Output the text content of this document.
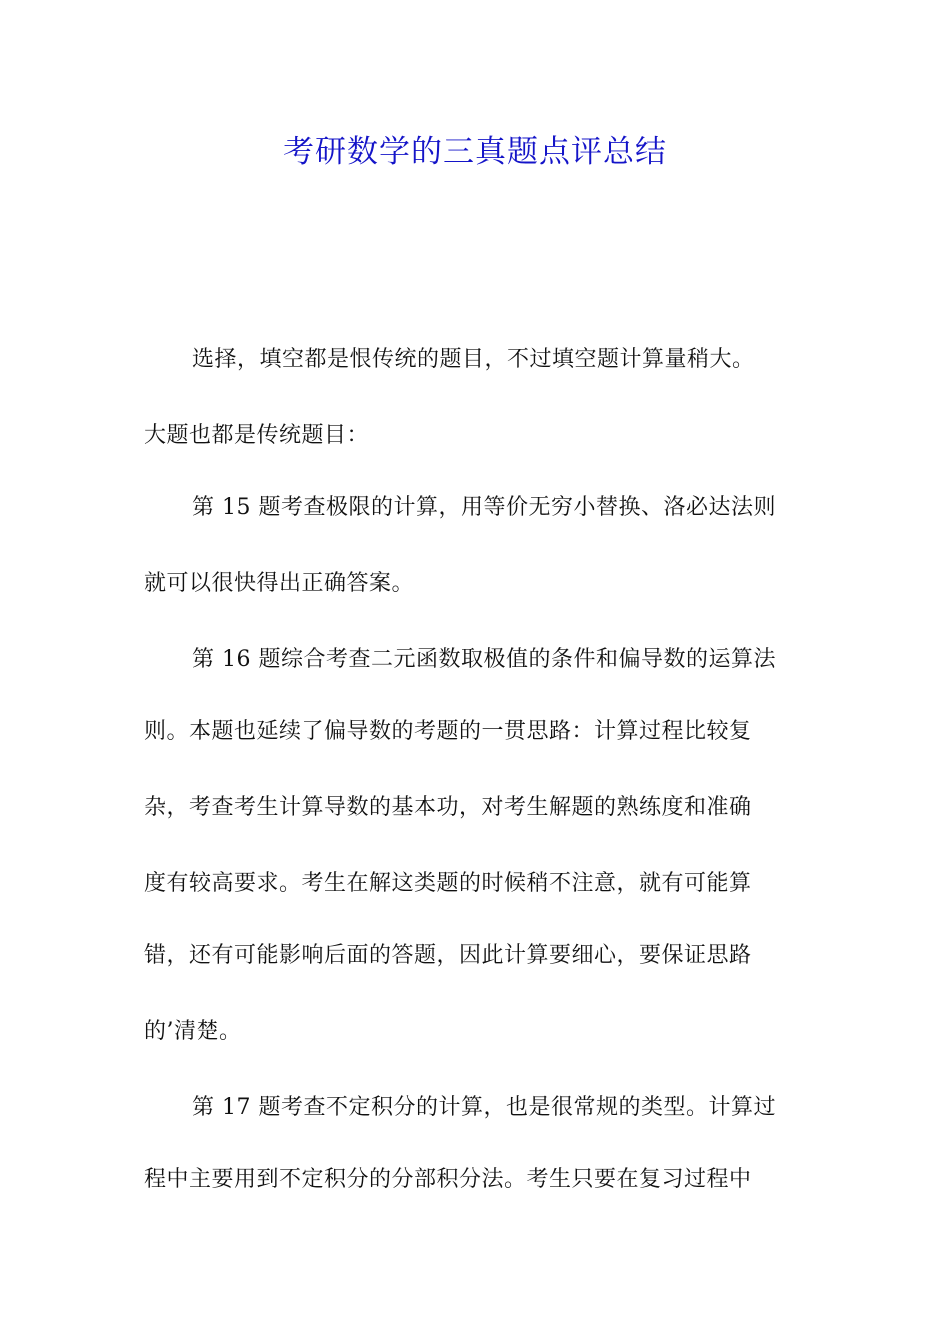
考研数学的三真题点评总结
选择，填空都是恨传统的题目，不过填空题计算量稍大。
大题也都是传统题目：
第 15 题考查极限的计算，用等价无穷小替换、洛必达法则
就可以很快得出正确答案。
第 16 题综合考查二元函数取极值的条件和偏导数的运算法
则。本题也延续了偏导数的考题的一贯思路：计算过程比较复
杂，考查考生计算导数的基本功，对考生解题的熟练度和准确
度有较高要求。考生在解这类题的时候稍不注意，就有可能算
错，还有可能影响后面的答题，因此计算要细心，要保证思路
的’清楚。
第 17 题考查不定积分的计算，也是很常规的类型。计算过
程中主要用到不定积分的分部积分法。考生只要在复习过程中
